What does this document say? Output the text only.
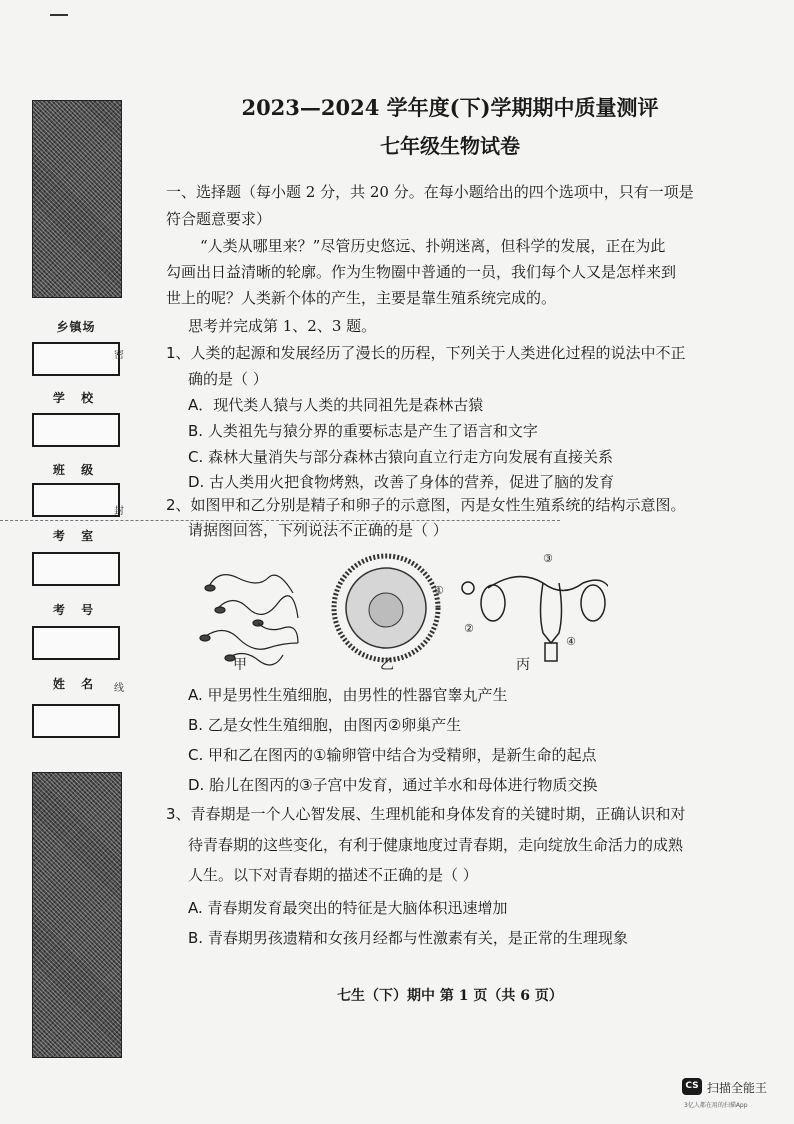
乡镇场
学 校
班 级
考 室
考 号
姓 名
密
封
线
2023—2024 学年度(下)学期期中质量测评
七年级生物试卷
一、选择题（每小题 2 分，共 20 分。在每小题给出的四个选项中，只有一项是
符合题意要求）
“人类从哪里来？”尽管历史悠远、扑朔迷离，但科学的发展，正在为此
勾画出日益清晰的轮廓。作为生物圈中普通的一员，我们每个人又是怎样来到
世上的呢？人类新个体的产生，主要是靠生殖系统完成的。
思考并完成第 1、2、3 题。
1、人类的起源和发展经历了漫长的历程，下列关于人类进化过程的说法中不正
确的是（ ）
A．现代类人猿与人类的共同祖先是森林古猿
B. 人类祖先与猿分界的重要标志是产生了语言和文字
C. 森林大量消失与部分森林古猿向直立行走方向发展有直接关系
D. 古人类用火把食物烤熟，改善了身体的营养，促进了脑的发育
2、如图甲和乙分别是精子和卵子的示意图，丙是女性生殖系统的结构示意图。
请据图回答，下列说法不正确的是（ ）
①
②
③
④
甲	乙	丙
A. 甲是男性生殖细胞，由男性的性器官睾丸产生
B. 乙是女性生殖细胞，由图丙②卵巢产生
C. 甲和乙在图丙的①输卵管中结合为受精卵，是新生命的起点
D. 胎儿在图丙的③子宫中发育，通过羊水和母体进行物质交换
3、青春期是一个人心智发展、生理机能和身体发育的关键时期，正确认识和对
待青春期的这些变化，有利于健康地度过青春期，走向绽放生命活力的成熟
人生。以下对青春期的描述不正确的是（ ）
A. 青春期发育最突出的特征是大脑体积迅速增加
B. 青春期男孩遗精和女孩月经都与性激素有关，是正常的生理现象
七生（下）期中 第 1 页（共 6 页）
CS 扫描全能王
3亿人都在用的扫描App
